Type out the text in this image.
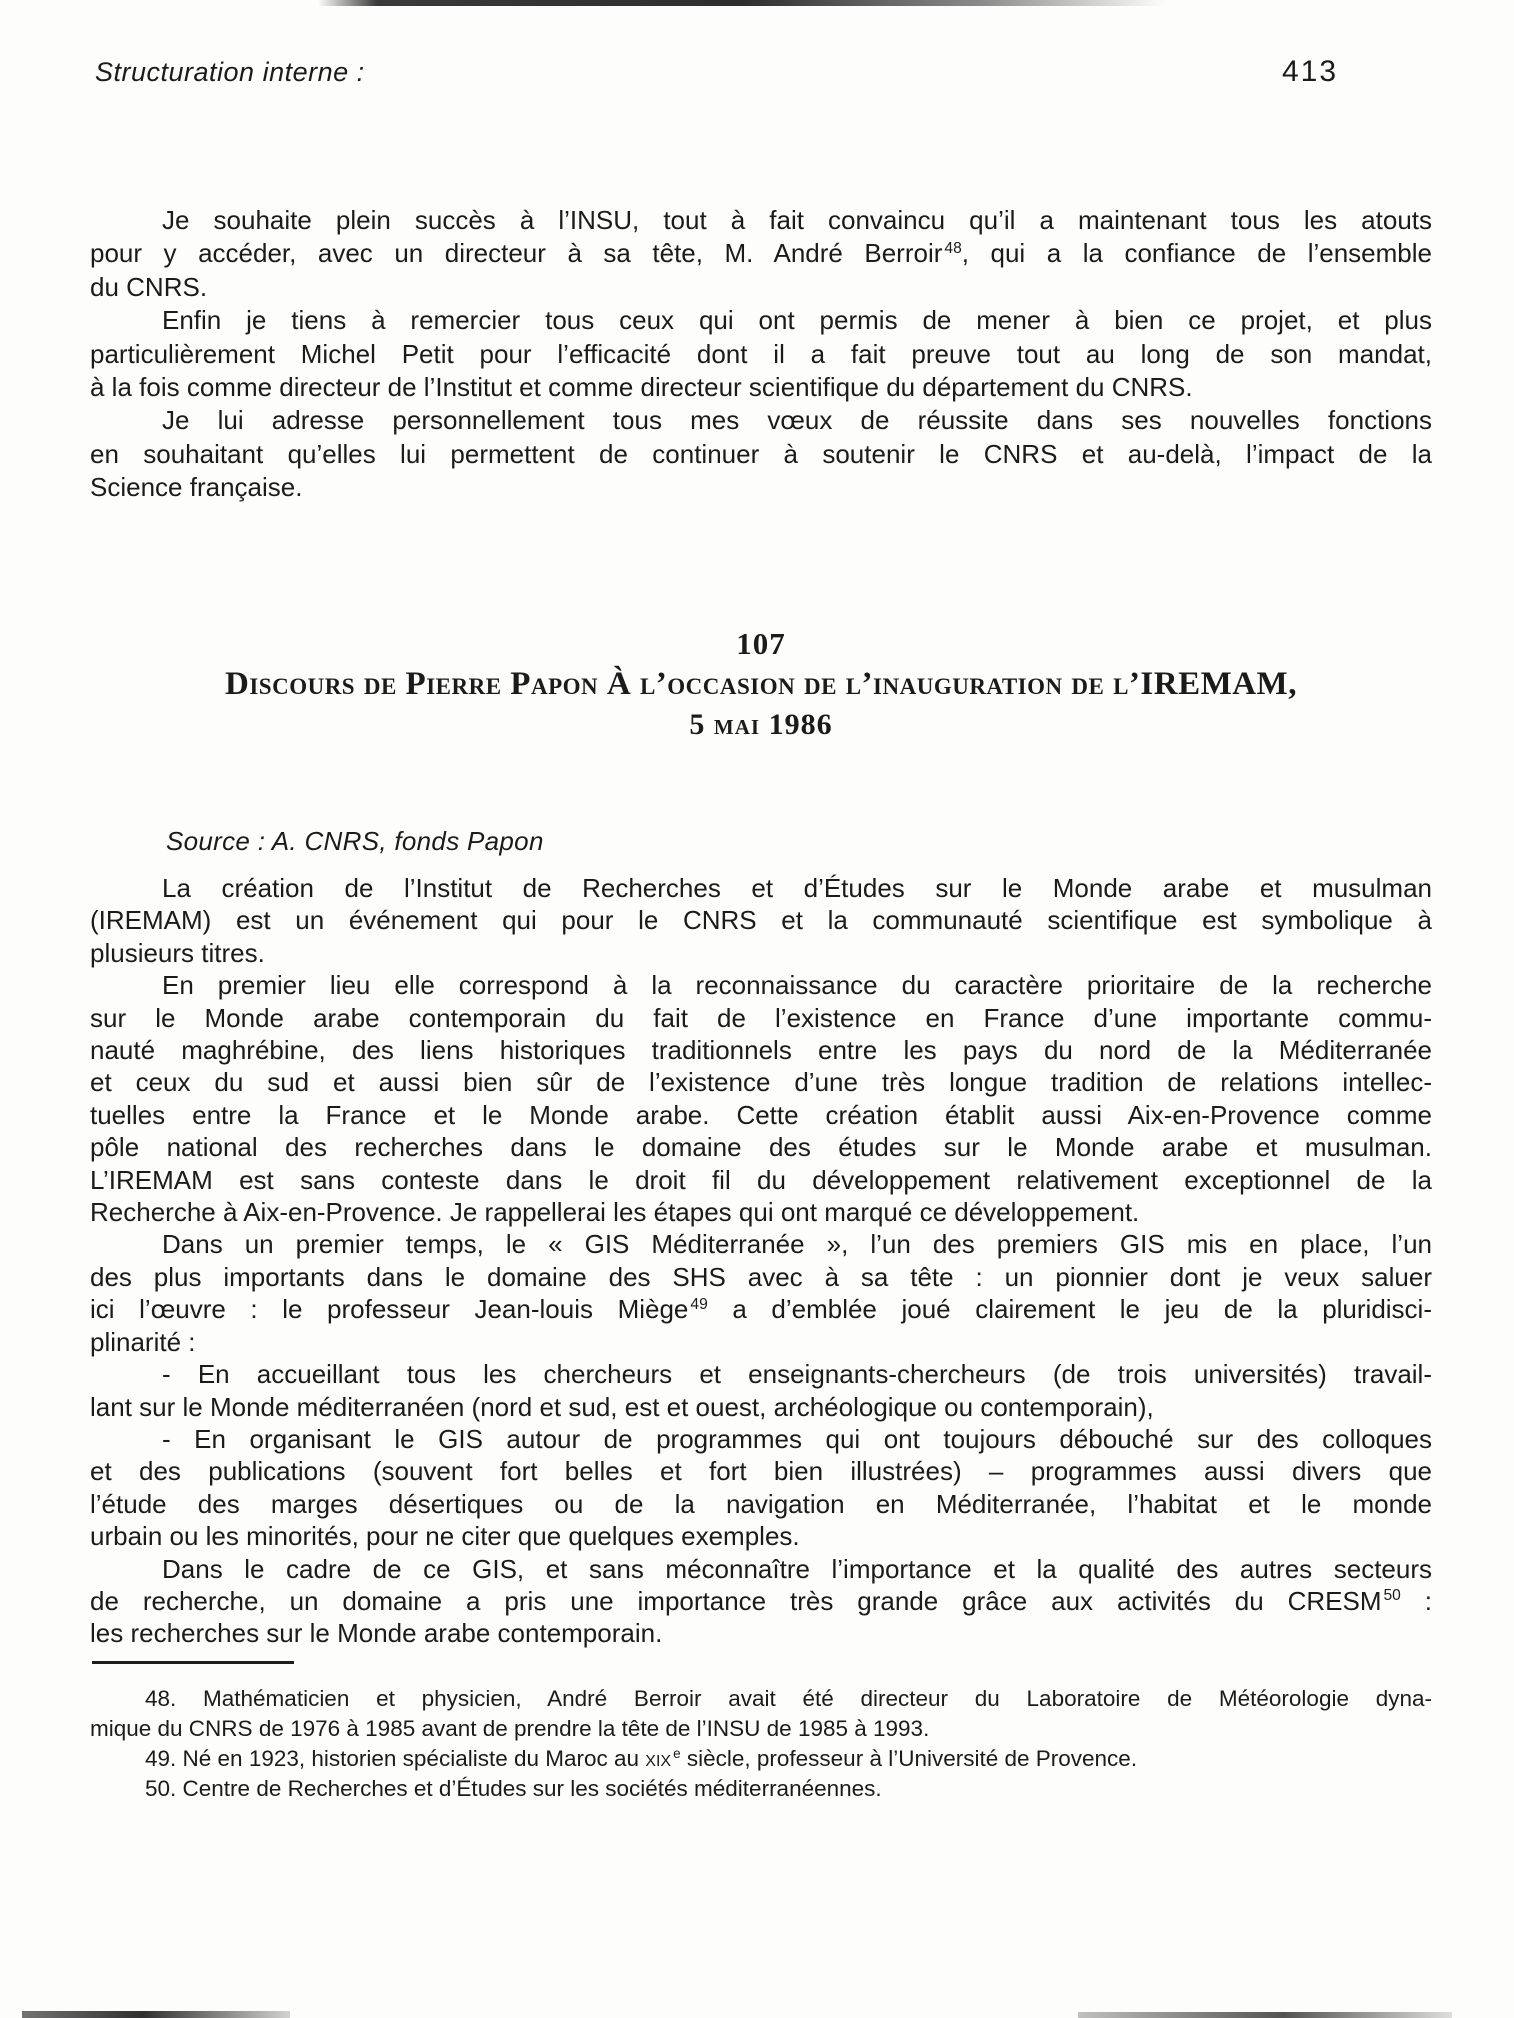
Structuration interne :	413
Je souhaite plein succès à l’INSU, tout à fait convaincu qu’il a maintenant tous les atouts
pour y accéder, avec un directeur à sa tête, M. André Berroir $^{48}$, qui a la confiance de l’ensemble
du CNRS.
Enfin je tiens à remercier tous ceux qui ont permis de mener à bien ce projet, et plus
particulièrement Michel Petit pour l’efficacité dont il a fait preuve tout au long de son mandat,
à la fois comme directeur de l’Institut et comme directeur scientifique du département du CNRS.
Je lui adresse personnellement tous mes vœux de réussite dans ses nouvelles fonctions
en souhaitant qu’elles lui permettent de continuer à soutenir le CNRS et au-delà, l’impact de la
Science française.
107
Discours de Pierre Papon À l’occasion de l’inauguration de l’IREMAM,
5 mai 1986
Source : A. CNRS, fonds Papon
La création de l’Institut de Recherches et d’Études sur le Monde arabe et musulman
(IREMAM) est un événement qui pour le CNRS et la communauté scientifique est symbolique à
plusieurs titres.
En premier lieu elle correspond à la reconnaissance du caractère prioritaire de la recherche
sur le Monde arabe contemporain du fait de l’existence en France d’une importante commu-
nauté maghrébine, des liens historiques traditionnels entre les pays du nord de la Méditerranée
et ceux du sud et aussi bien sûr de l’existence d’une très longue tradition de relations intellec-
tuelles entre la France et le Monde arabe. Cette création établit aussi Aix-en-Provence comme
pôle national des recherches dans le domaine des études sur le Monde arabe et musulman.
L’IREMAM est sans conteste dans le droit fil du développement relativement exceptionnel de la
Recherche à Aix-en-Provence. Je rappellerai les étapes qui ont marqué ce développement.
Dans un premier temps, le « GIS Méditerranée », l’un des premiers GIS mis en place, l’un
des plus importants dans le domaine des SHS avec à sa tête : un pionnier dont je veux saluer
ici l’œuvre : le professeur Jean-louis Miège $^{49}$ a d’emblée joué clairement le jeu de la pluridisci-
plinarité :
- En accueillant tous les chercheurs et enseignants-chercheurs (de trois universités) travail-
lant sur le Monde méditerranéen (nord et sud, est et ouest, archéologique ou contemporain),
- En organisant le GIS autour de programmes qui ont toujours débouché sur des colloques
et des publications (souvent fort belles et fort bien illustrées) – programmes aussi divers que
l’étude des marges désertiques ou de la navigation en Méditerranée, l’habitat et le monde
urbain ou les minorités, pour ne citer que quelques exemples.
Dans le cadre de ce GIS, et sans méconnaître l’importance et la qualité des autres secteurs
de recherche, un domaine a pris une importance très grande grâce aux activités du CRESM $^{50}$ :
les recherches sur le Monde arabe contemporain.
48. Mathématicien et physicien, André Berroir avait été directeur du Laboratoire de Météorologie dyna-
mique du CNRS de 1976 à 1985 avant de prendre la tête de l’INSU de 1985 à 1993.
49. Né en 1923, historien spécialiste du Maroc au xix $^e$ siècle, professeur à l’Université de Provence.
50. Centre de Recherches et d’Études sur les sociétés méditerranéennes.
